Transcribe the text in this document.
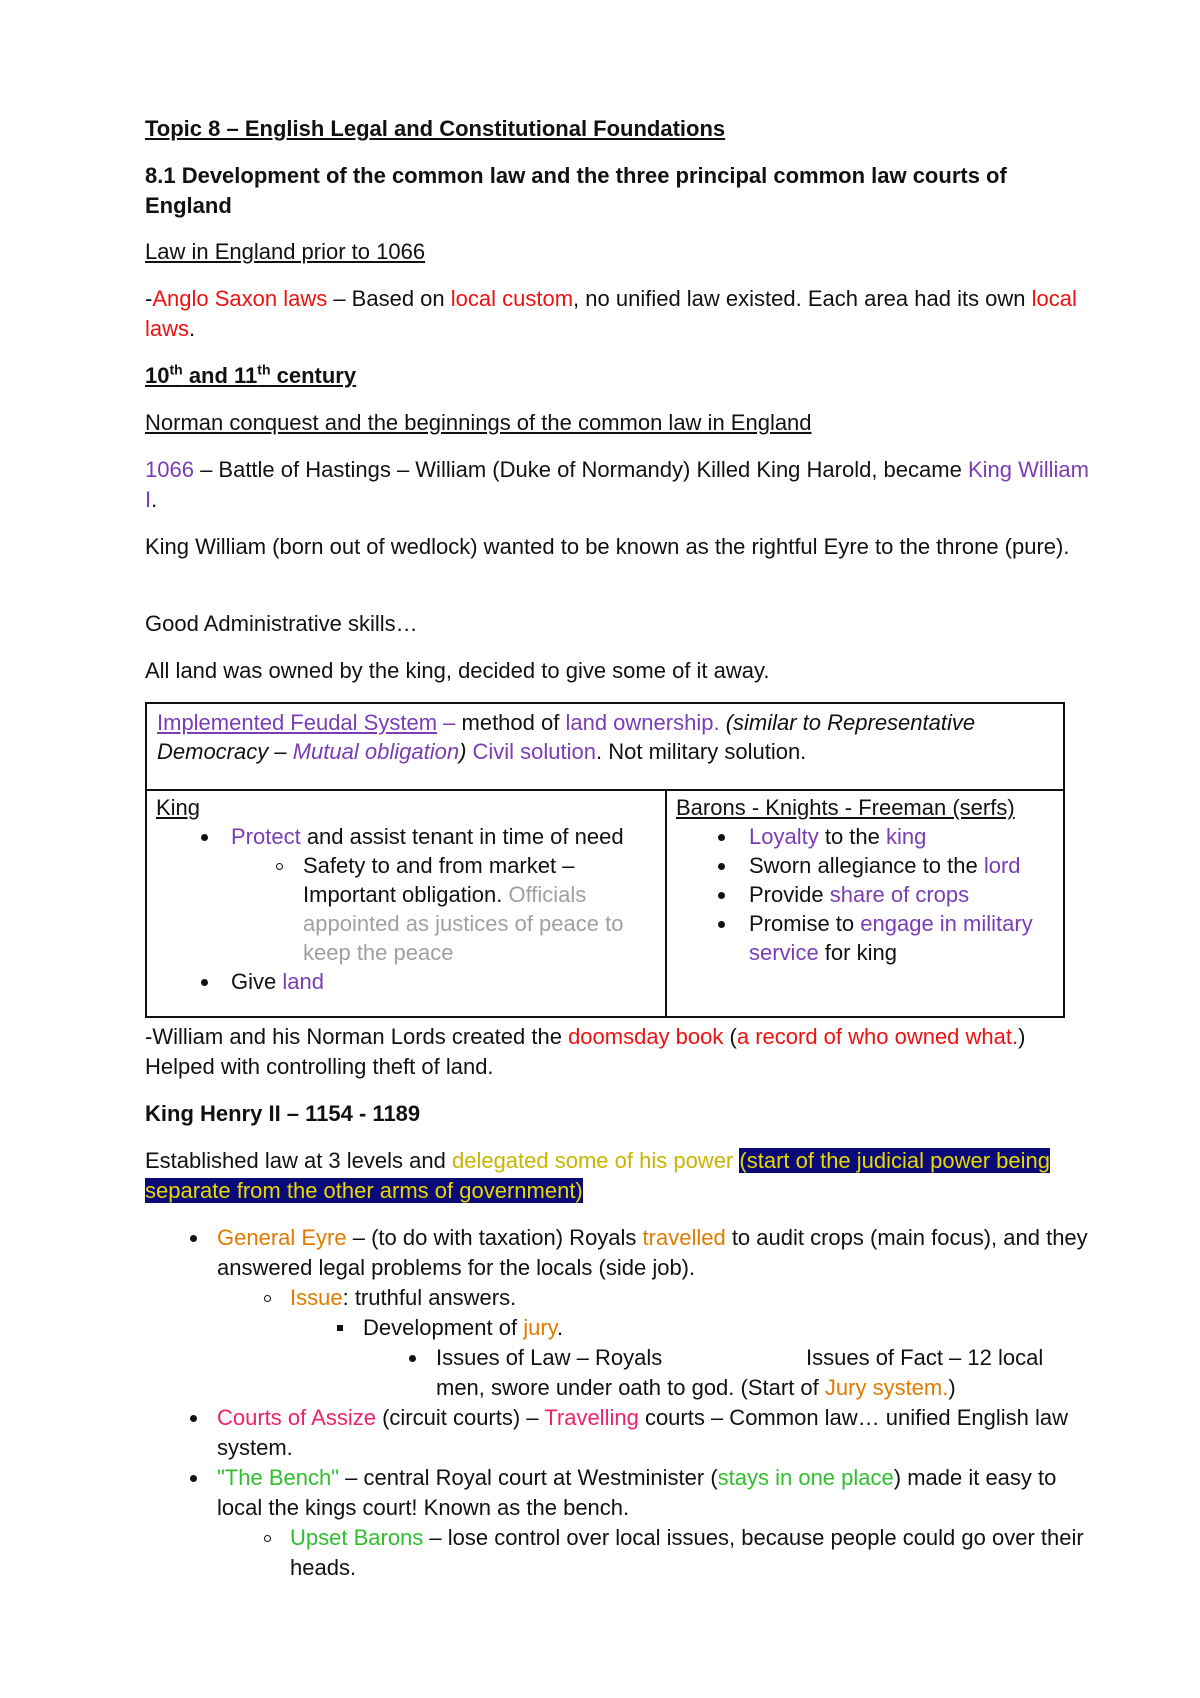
Topic 8 – English Legal and Constitutional Foundations
8.1 Development of the common law and the three principal common law courts of England
Law in England prior to 1066
-Anglo Saxon laws – Based on local custom, no unified law existed. Each area had its own local laws.
10th and 11th century
Norman conquest and the beginnings of the common law in England
1066 – Battle of Hastings – William (Duke of Normandy) Killed King Harold, became King William I.
King William (born out of wedlock) wanted to be known as the rightful Eyre to the throne (pure).
Good Administrative skills…
All land was owned by the king, decided to give some of it away.
Implemented Feudal System – method of land ownership. (similar to Representative Democracy – Mutual obligation) Civil solution. Not military solution.
King
Protect and assist tenant in time of need
Safety to and from market – Important obligation. Officials appointed as justices of peace to keep the peace
Give land
Barons - Knights - Freeman (serfs)
Loyalty to the king
Sworn allegiance to the lord
Provide share of crops
Promise to engage in military service for king
-William and his Norman Lords created the doomsday book (a record of who owned what.) Helped with controlling theft of land.
King Henry II – 1154 - 1189
Established law at 3 levels and delegated some of his power (start of the judicial power being separate from the other arms of government)
General Eyre – (to do with taxation) Royals travelled to audit crops (main focus), and they answered legal problems for the locals (side job).
Issue: truthful answers.
Development of jury.
Issues of Law – Royals	Issues of Fact – 12 local
men, swore under oath to god. (Start of Jury system.)
Courts of Assize (circuit courts) – Travelling courts – Common law… unified English law system.
"The Bench" – central Royal court at Westminister (stays in one place) made it easy to local the kings court! Known as the bench.
Upset Barons – lose control over local issues, because people could go over their heads.
